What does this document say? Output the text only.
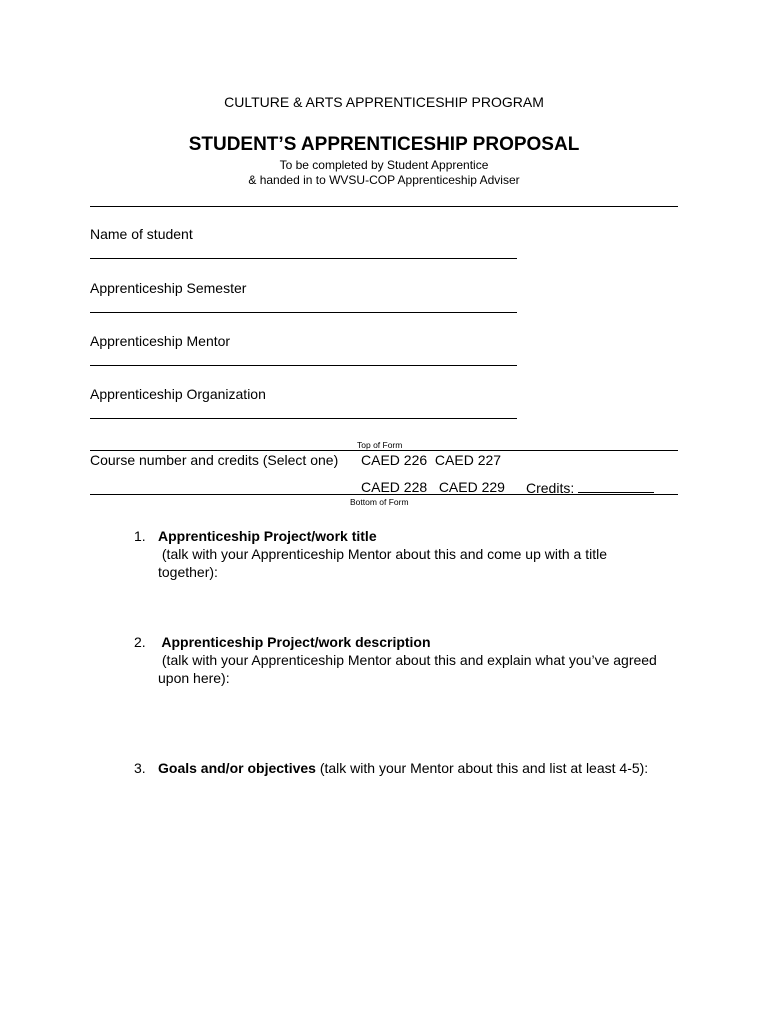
CULTURE & ARTS APPRENTICESHIP PROGRAM
STUDENT’S APPRENTICESHIP PROPOSAL
To be completed by Student Apprentice
& handed in to WVSU-COP Apprenticeship Adviser
Name of student
Apprenticeship Semester
Apprenticeship Mentor
Apprenticeship Organization
Top of Form
Course number and credits (Select one) CAED 226  CAED 227
CAED 228   CAED 229 Credits:
Bottom of Form
1. Apprenticeship Project/work title
(talk with your Apprenticeship Mentor about this and come up with a title together):
2. Apprenticeship Project/work description
(talk with your Apprenticeship Mentor about this and explain what you’ve agreed upon here):
3. Goals and/or objectives (talk with your Mentor about this and list at least 4-5):
